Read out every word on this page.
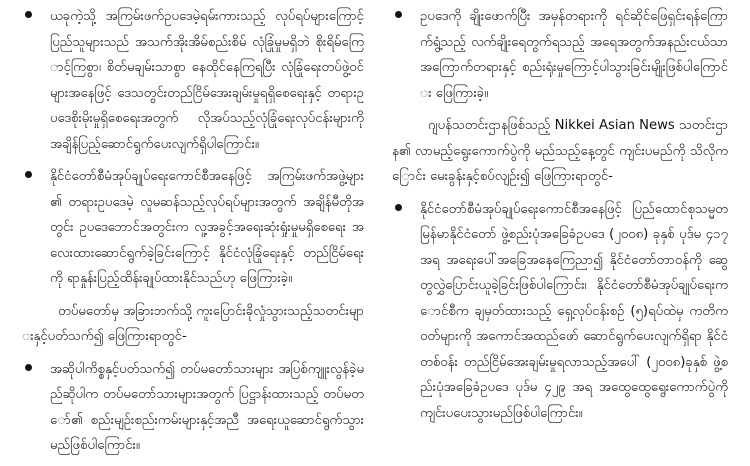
ယခုကဲ့သို့ အကြမ်းဖက်ဥပဒေမဲ့ရမ်းကားသည့် လုပ်ရပ်များကြောင့် ပြည်သူများသည် အသက်အိုးအိမ်စည်းစိမ် လုံခြုံမှုမရှိဘဲ စိုးရိမ်ကြောင့်ကြစွာ၊ စိတ်မချမ်းသာစွာ နေထိုင်နေကြရပြီး လုံခြုံရေးတပ်ဖွဲ့ဝင်များအနေဖြင့် ဒေသတွင်းတည်ငြိမ်အေးချမ်းမှုရရှိစေရေးနှင့် တရားဥပဒေစိုးမိုးမှုရှိစေရေးအတွက် လိုအပ်သည့်လုံခြုံရေးလုပ်ငန်းများကို အချိန်ပြည့်ဆောင်ရွက်ပေးလျက်ရှိပါကြောင်း။
နိုင်ငံတော်စီမံအုပ်ချုပ်ရေးကောင်စီအနေဖြင့် အကြမ်းဖက်အဖွဲ့များ၏ တရားဥပဒေမဲ့ လူမဆန်သည့်လုပ်ရပ်များအတွက် အချိန်မီတိုအတွင်း ဥပဒေဘောင်အတွင်းက လူ့အခွင့်အရေးဆုံးရှုံးမှုမရှိစေရေး အလေးထားဆောင်ရွက်ခဲ့ခြင်းကြောင့် နိုင်ငံလုံခြုံရေးနှင့် တည်ငြိမ်ရေးကို ရာနှုန်းပြည့်ထိန်းချုပ်ထားနိုင်သည်ဟု ဖြေကြားခဲ့။
တပ်မတော်မှ အခြားဘက်သို့ ကူးပြောင်းခိုလှုံသွားသည့်သတင်းများနှင့်ပတ်သက်၍ ဖြေကြားရာတွင်-
အဆိုပါကိစ္စနှင့်ပတ်သက်၍ တပ်မတော်သားများ အပြစ်ကျူးလွန်ခဲ့မည်ဆိုပါက တပ်မတော်သားများအတွက် ပြဋ္ဌာန်းထားသည့် တပ်မတော်၏ စည်းမျဉ်းစည်းကမ်းများနှင့်အညီ အရေးယူဆောင်ရွက်သွားမည်ဖြစ်ပါကြောင်း။
ဥပဒေကို ချိုးဖောက်ပြီး အမှန်တရားကို ရင်ဆိုင်ဖြေရှင်းရန်ကြောက်ရွံ့သည့် လက်ချိုးရေတွက်ရသည့် အရေအတွက်အနည်းငယ်သာ အကြောက်တရားနှင့် စည်းရုံးမှုကြောင့်ပါသွားခြင်းမျိုးဖြစ်ပါကြောင်း ဖြေကြားခဲ့။
ဂျပန်သတင်းဌာနဖြစ်သည့် Nikkei Asian News သတင်းဌာန၏ လာမည့်ရွေးကောက်ပွဲကို မည်သည့်နေ့တွင် ကျင်းပမည်ကို သိလိုကြောင်း မေးခွန်းနှင့်စပ်လျဉ်း၍ ဖြေကြားရာတွင်-
နိုင်ငံတော်စီမံအုပ်ချုပ်ရေးကောင်စီအနေဖြင့် ပြည်ထောင်စုသမ္မတမြန်မာနိုင်ငံတော် ဖွဲ့စည်းပုံအခြေခံဥပဒေ (၂၀၀၈) ခုနှစ် ပုဒ်မ ၄၁၇ အရ အရေးပေါ်အခြေအနေကြေညာ၍ နိုင်ငံတော်တာဝန်ကို ဆွေတွလွှဲပြောင်းယူခဲ့ခြင်းဖြစ်ပါကြောင်း၊ နိုင်ငံတော်စီမံအုပ်ချုပ်ရေးကောင်စီက ချမှတ်ထားသည့် ရှေ့လုပ်ငန်းစဉ် (၅)ရပ်ထဲမှ ကတိကဝတ်များကို အကောင်အထည်ဖော် ဆောင်ရွက်ပေးလျက်ရှိရာ နိုင်ငံတစ်ဝန်း တည်ငြိမ်အေးချမ်းမှုရလာသည့်အပေါ် (၂၀၀၈)ခုနှစ် ဖွဲ့စည်းပုံအခြေခံဥပဒေ ပုဒ်မ ၄၂၉ အရ အထွေထွေရွေးကောက်ပွဲကို ကျင်းပပေးသွားမည်ဖြစ်ပါကြောင်း။
